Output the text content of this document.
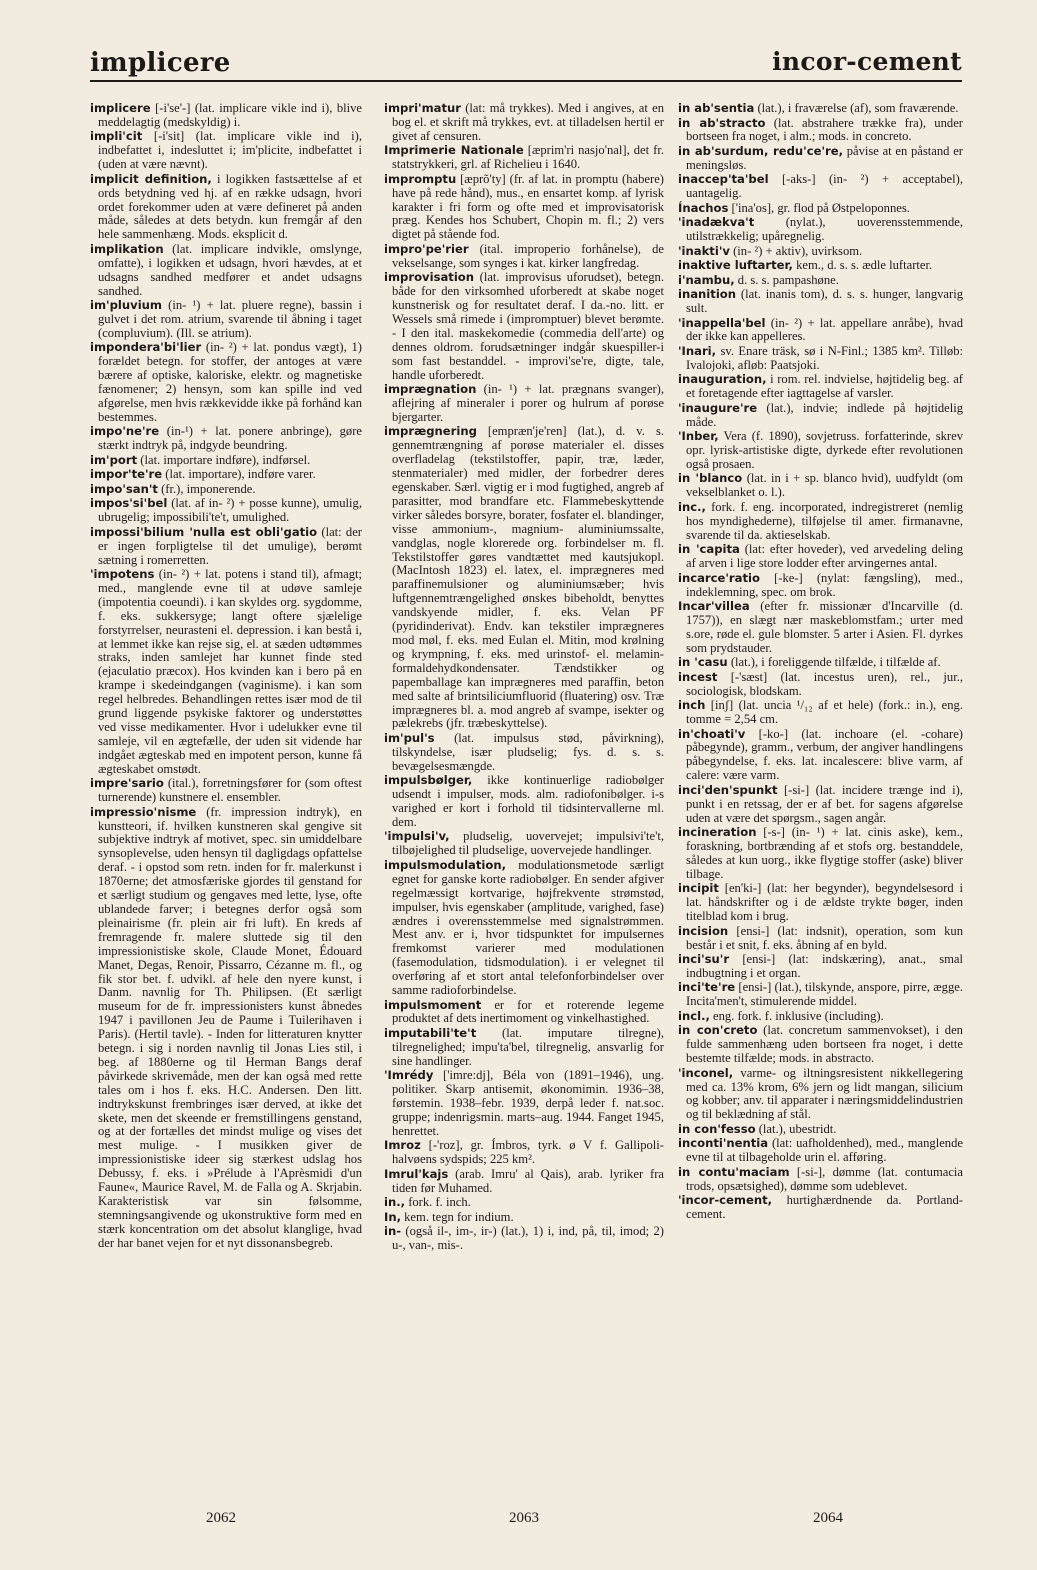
implicere	incor-cement

implicere [-i'se'-] (lat. implicare vikle ind i), blive meddelagtig (medskyldig) i.

impli'cit [-i'sit] (lat. implicare vikle ind i), indbefattet i, indesluttet i; im'plicite, indbefattet i (uden at være nævnt).

implicit definition, i logikken fastsættelse af et ords betydning ved hj. af en række udsagn, hvori ordet forekommer uden at være defineret på anden måde, således at dets betydn. kun fremgår af den hele sammenhæng. Mods. eksplicit d.

implikation (lat. implicare indvikle, omslynge, omfatte), i logikken et udsagn, hvori hævdes, at et udsagns sandhed medfører et andet udsagns sandhed.

im'pluvium (in- ¹) + lat. pluere regne), bassin i gulvet i det rom. atrium, svarende til åbning i taget (compluvium). (Ill. se atrium).

impondera'bi'lier (in- ²) + lat. pondus vægt), 1) forældet betegn. for stoffer, der antoges at være bærere af optiske, kaloriske, elektr. og magnetiske fænomener; 2) hensyn, som kan spille ind ved afgørelse, men hvis rækkevidde ikke på forhånd kan bestemmes.

impo'ne're (in-¹) + lat. ponere anbringe), gøre stærkt indtryk på, indgyde beundring.

im'port (lat. importare indføre), indførsel.

impor'te're (lat. importare), indføre varer.

impo'san't (fr.), imponerende.

impos'si'bel (lat. af in- ²) + posse kunne), umulig, ubrugelig; impossibili'te't, umulighed.

impossi'bilium 'nulla est obli'gatio (lat: der er ingen forpligtelse til det umulige), berømt sætning i romerretten.

'impotens (in- ²) + lat. potens i stand til), afmagt; med., manglende evne til at udøve samleje (impotentia coeundi). i kan skyldes org. sygdomme, f. eks. sukkersyge; langt oftere sjælelige forstyrrelser, neurasteni el. depression. i kan bestå i, at lemmet ikke kan rejse sig, el. at sæden udtømmes straks, inden samlejet har kunnet finde sted (ejaculatio præcox). Hos kvinden kan i bero på en krampe i skedeindgangen (vaginisme). i kan som regel helbredes. Behandlingen rettes især mod de til grund liggende psykiske faktorer og understøttes ved visse medikamenter. Hvor i udelukker evne til samleje, vil en ægtefælle, der uden sit vidende har indgået ægteskab med en impotent person, kunne få ægteskabet omstødt.

impre'sario (ital.), forretningsfører for (som oftest turnerende) kunstnere el. ensembler.

impressio'nisme (fr. impression indtryk), en kunstteori, if. hvilken kunstneren skal gengive sit subjektive indtryk af motivet, spec. sin umiddelbare synsoplevelse, uden hensyn til dagligdags opfattelse deraf. - i opstod som retn. inden for fr. malerkunst i 1870erne; det atmosfæriske gjordes til genstand for et særligt studium og gengaves med lette, lyse, ofte ublandede farver; i betegnes derfor også som pleinairisme (fr. plein air fri luft). En kreds af fremragende fr. malere sluttede sig til den impressionistiske skole, Claude Monet, Édouard Manet, Degas, Renoir, Pissarro, Cézanne m. fl., og fik stor bet. f. udvikl. af hele den nyere kunst, i Danm. navnlig for Th. Philipsen. (Et særligt museum for de fr. impressionisters kunst åbnedes 1947 i pavillonen Jeu de Paume i Tuilerihaven i Paris). (Hertil tavle). - Inden for litteraturen knytter betegn. i sig i norden navnlig til Jonas Lies stil, i beg. af 1880erne og til Herman Bangs deraf påvirkede skrivemåde, men der kan også med rette tales om i hos f. eks. H.C. Andersen. Den litt. indtrykskunst frembringes især derved, at ikke det skete, men det skeende er fremstillingens genstand, og at der fortælles det mindst mulige og vises det mest mulige. - I musikken giver de impressionistiske ideer sig stærkest udslag hos Debussy, f. eks. i »Prélude à l'Aprèsmidi d'un Faune«, Maurice Ravel, M. de Falla og A. Skrjabin. Karakteristisk var sin følsomme, stemningsangivende og ukonstruktive form med en stærk koncentration om det absolut klanglige, hvad der har banet vejen for et nyt dissonansbegreb.

impri'matur (lat: må trykkes). Med i angives, at en bog el. et skrift må trykkes, evt. at tilladelsen hertil er givet af censuren.

Imprimerie Nationale [æprim'ri nasjo'nal], det fr. statstrykkeri, grl. af Richelieu i 1640.

impromptu [æprõ'ty] (fr. af lat. in promptu (habere) have på rede hånd), mus., en ensartet komp. af lyrisk karakter i fri form og ofte med et improvisatorisk præg. Kendes hos Schubert, Chopin m. fl.; 2) vers digtet på stående fod.

impro'pe'rier (ital. improperio forhånelse), de vekselsange, som synges i kat. kirker langfredag.

improvisation (lat. improvisus uforudset), betegn. både for den virksomhed uforberedt at skabe noget kunstnerisk og for resultatet deraf. I da.-no. litt. er Wessels små rimede i (impromptuer) blevet berømte. - I den ital. maskekomedie (commedia dell'arte) og dennes oldrom. forudsætninger indgår skuespiller-i som fast bestanddel. - improvi'se're, digte, tale, handle uforberedt.

imprægnation (in- ¹) + lat. prægnans svanger), aflejring af mineraler i porer og hulrum af porøse bjergarter.

imprægnering [empræn'je'ren] (lat.), d. v. s. gennemtrængning af porøse materialer el. disses overfladelag (tekstilstoffer, papir, træ, læder, stenmaterialer) med midler, der forbedrer deres egenskaber. Særl. vigtig er i mod fugtighed, angreb af parasitter, mod brandfare etc. Flammebeskyttende virker således borsyre, borater, fosfater el. blandinger, visse ammonium-, magnium- aluminiumssalte, vandglas, nogle klorerede org. forbindelser m. fl. Tekstilstoffer gøres vandtættet med kautsjukopl. (MacIntosh 1823) el. latex, el. imprægneres med paraffinemulsioner og aluminiumsæber; hvis luftgennemtrængelighed ønskes bibeholdt, benyttes vandskyende midler, f. eks. Velan PF (pyridinderivat). Endv. kan tekstiler imprægneres mod møl, f. eks. med Eulan el. Mitin, mod krølning og krympning, f. eks. med urinstof- el. melamin-formaldehydkondensater. Tændstikker og papemballage kan imprægneres med paraffin, beton med salte af brintsiliciumfluorid (fluatering) osv. Træ imprægneres bl. a. mod angreb af svampe, isekter og pælekrebs (jfr. træbeskyttelse).

im'pul's (lat. impulsus stød, påvirkning), tilskyndelse, især pludselig; fys. d. s. s. bevægelsesmængde.

impulsbølger, ikke kontinuerlige radiobølger udsendt i impulser, mods. alm. radiofonibølger. i-s varighed er kort i forhold til tidsintervallerne ml. dem.

'impulsi'v, pludselig, uovervejet; impulsivi'te't, tilbøjelighed til pludselige, uovervejede handlinger.

impulsmodulation, modulationsmetode særligt egnet for ganske korte radiobølger. En sender afgiver regelmæssigt kortvarige, højfrekvente strømstød, impulser, hvis egenskaber (amplitude, varighed, fase) ændres i overensstemmelse med signalstrømmen. Mest anv. er i, hvor tidspunktet for impulsernes fremkomst varierer med modulationen (fasemodulation, tidsmodulation). i er velegnet til overføring af et stort antal telefonforbindelser over samme radioforbindelse.

impulsmoment er for et roterende legeme produktet af dets inertimoment og vinkelhastighed.

imputabili'te't (lat. imputare tilregne), tilregnelighed; impu'ta'bel, tilregnelig, ansvarlig for sine handlinger.

'Imrédy ['imre:dj], Béla von (1891–1946), ung. politiker. Skarp antisemit, økonomimin. 1936–38, førstemin. 1938–febr. 1939, derpå leder f. nat.soc. gruppe; indenrigsmin. marts–aug. 1944. Fanget 1945, henrettet.

Imroz [-'roz], gr. Ímbros, tyrk. ø V f. Gallipoli-halvøens sydspids; 225 km².

Imrul'kajs (arab. Imru' al Qais), arab. lyriker fra tiden før Muhamed.

in., fork. f. inch.

In, kem. tegn for indium.

in- (også il-, im-, ir-) (lat.), 1) i, ind, på, til, imod; 2) u-, van-, mis-.

in ab'sentia (lat.), i fraværelse (af), som fraværende.

in ab'stracto (lat. abstrahere trække fra), under bortseen fra noget, i alm.; mods. in concreto.

in ab'surdum, redu'ce're, påvise at en påstand er meningsløs.

inaccep'ta'bel [-aks-] (in- ²) + acceptabel), uantagelig.

Ínachos ['ina'os], gr. flod på Østpeloponnes.

'inadækva't (nylat.), uoverensstemmende, utilstrækkelig; upåregnelig.

'inakti'v (in- ²) + aktiv), uvirksom.

inaktive luftarter, kem., d. s. s. ædle luftarter.

i'nambu, d. s. s. pampashøne.

inanition (lat. inanis tom), d. s. s. hunger, langvarig sult.

'inappella'bel (in- ²) + lat. appellare anråbe), hvad der ikke kan appelleres.

'Inari, sv. Enare träsk, sø i N-Finl.; 1385 km². Tilløb: Ivalojoki, afløb: Paatsjoki.

inauguration, i rom. rel. indvielse, højtidelig beg. af et foretagende efter iagttagelse af varsler.

'inaugure're (lat.), indvie; indlede på højtidelig måde.

'Inber, Vera (f. 1890), sovjetruss. forfatterinde, skrev opr. lyrisk-artistiske digte, dyrkede efter revolutionen også prosaen.

in 'blanco (lat. in i + sp. blanco hvid), uudfyldt (om vekselblanket o. l.).

inc., fork. f. eng. incorporated, indregistreret (nemlig hos myndighederne), tilføjelse til amer. firmanavne, svarende til da. aktieselskab.

in 'capita (lat: efter hoveder), ved arvedeling deling af arven i lige store lodder efter arvingernes antal.

incarce'ratio [-ke-] (nylat: fængsling), med., indeklemning, spec. om brok.

Incar'villea (efter fr. missionær d'Incarville (d. 1757)), en slægt nær maskeblomstfam.; urter med s.ore, røde el. gule blomster. 5 arter i Asien. Fl. dyrkes som prydstauder.

in 'casu (lat.), i foreliggende tilfælde, i tilfælde af.

incest [-'sæst] (lat. incestus uren), rel., jur., sociologisk, blodskam.

inch [inʃ] (lat. uncia ¹/₁₂ af et hele) (fork.: in.), eng. tomme = 2,54 cm.

in'choati'v [-ko-] (lat. inchoare (el. -cohare) påbegynde), gramm., verbum, der angiver handlingens påbegyndelse, f. eks. lat. incalescere: blive varm, af calere: være varm.

inci'den'spunkt [-si-] (lat. incidere trænge ind i), punkt i en retssag, der er af bet. for sagens afgørelse uden at være det spørgsm., sagen angår.

incineration [-s-] (in- ¹) + lat. cinis aske), kem., foraskning, bortbrænding af et stofs org. bestanddele, således at kun uorg., ikke flygtige stoffer (aske) bliver tilbage.

incipit [en'ki-] (lat: her begynder), begyndelsesord i lat. håndskrifter og i de ældste trykte bøger, inden titelblad kom i brug.

incision [ensi-] (lat: indsnit), operation, som kun består i et snit, f. eks. åbning af en byld.

inci'su'r [ensi-] (lat: indskæring), anat., smal indbugtning i et organ.

inci'te're [ensi-] (lat.), tilskynde, anspore, pirre, ægge. Incita'men't, stimulerende middel.

incl., eng. fork. f. inklusive (including).

in con'creto (lat. concretum sammenvokset), i den fulde sammenhæng uden bortseen fra noget, i dette bestemte tilfælde; mods. in abstracto.

'inconel, varme- og iltningsresistent nikkellegering med ca. 13% krom, 6% jern og lidt mangan, silicium og kobber; anv. til apparater i næringsmiddelindustrien og til beklædning af stål.

in con'fesso (lat.), ubestridt.

inconti'nentia (lat: uafholdenhed), med., manglende evne til at tilbageholde urin el. afføring.

in contu'maciam [-si-], dømme (lat. contumacia trods, opsætsighed), dømme som udeblevet.

'incor-cement, hurtighærdnende da. Portland-cement.

2062	2063	2064
